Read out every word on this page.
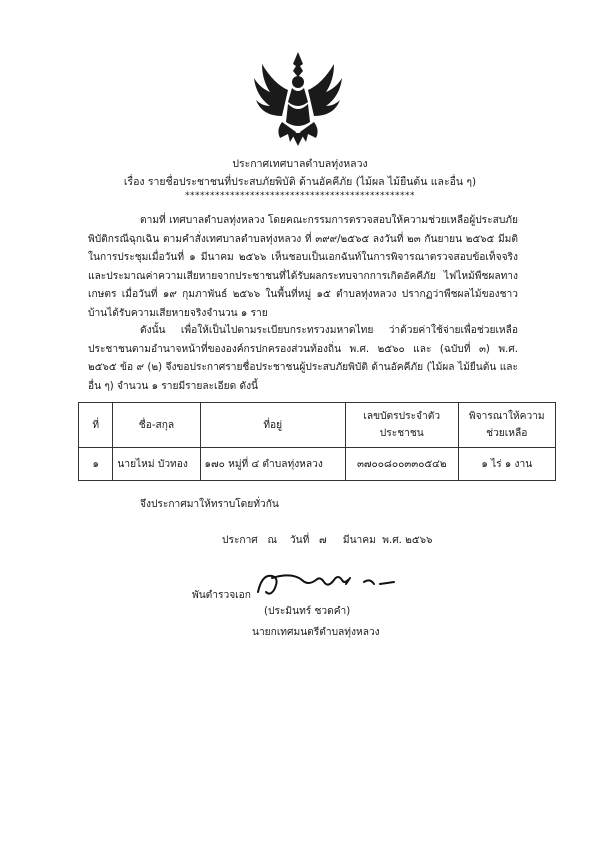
ประกาศเทศบาลตำบลทุ่งหลวง
เรื่อง รายชื่อประชาชนที่ประสบภัยพิบัติ ด้านอัคคีภัย (ไม้ผล ไม้ยืนต้น และอื่น ๆ)
**********************************************
ตามที่ เทศบาลตำบลทุ่งหลวง โดยคณะกรรมการตรวจสอบให้ความช่วยเหลือผู้ประสบภัยพิบัติกรณีฉุกเฉิน ตามคำสั่งเทศบาลตำบลทุ่งหลวง ที่ ๓๙๙/๒๕๖๕ ลงวันที่ ๒๓ กันยายน ๒๕๖๕ มีมติในการประชุมเมื่อวันที่ ๑ มีนาคม ๒๕๖๖ เห็นชอบเป็นเอกฉันท์ในการพิจารณาตรวจสอบข้อเท็จจริงและประมาณค่าความเสียหายจากประชาชนที่ได้รับผลกระทบจากการเกิดอัคคีภัย ไฟไหม้พืชผลทางเกษตร เมื่อวันที่ ๑๙ กุมภาพันธ์ ๒๕๖๖ ในพื้นที่หมู่ ๑๕ ตำบลทุ่งหลวง ปรากฏว่าพืชผลไม้ของชาวบ้านได้รับความเสียหายจริงจำนวน ๑ ราย
ดังนั้น เพื่อให้เป็นไปตามระเบียบกระทรวงมหาดไทย ว่าด้วยค่าใช้จ่ายเพื่อช่วยเหลือประชาชนตามอำนาจหน้าที่ขององค์กรปกครองส่วนท้องถิ่น พ.ศ. ๒๕๖๐ และ (ฉบับที่ ๓) พ.ศ. ๒๕๖๕ ข้อ ๙ (๒) จึงขอประกาศรายชื่อประชาชนผู้ประสบภัยพิบัติ ด้านอัคคีภัย (ไม้ผล ไม้ยืนต้น และอื่น ๆ) จำนวน ๑ รายมีรายละเอียด ดังนี้
ที่	ชื่อ-สกุล	ที่อยู่	เลขบัตรประจำตัวประชาชน	พิจารณาให้ความช่วยเหลือ
๑	นายไหม่ บัวทอง	๑๗๐ หมู่ที่ ๔ ตำบลทุ่งหลวง	๓๗๐๐๘๐๐๓๓๐๕๔๒	๑ ไร่ ๑ งาน
จึงประกาศมาให้ทราบโดยทั่วกัน
ประกาศ   ณ    วันที่   ๗     มีนาคม  พ.ศ. ๒๕๖๖
พันตำรวจเอก
(ประมินทร์ ชวดคำ)
นายกเทศมนตรีตำบลทุ่งหลวง
